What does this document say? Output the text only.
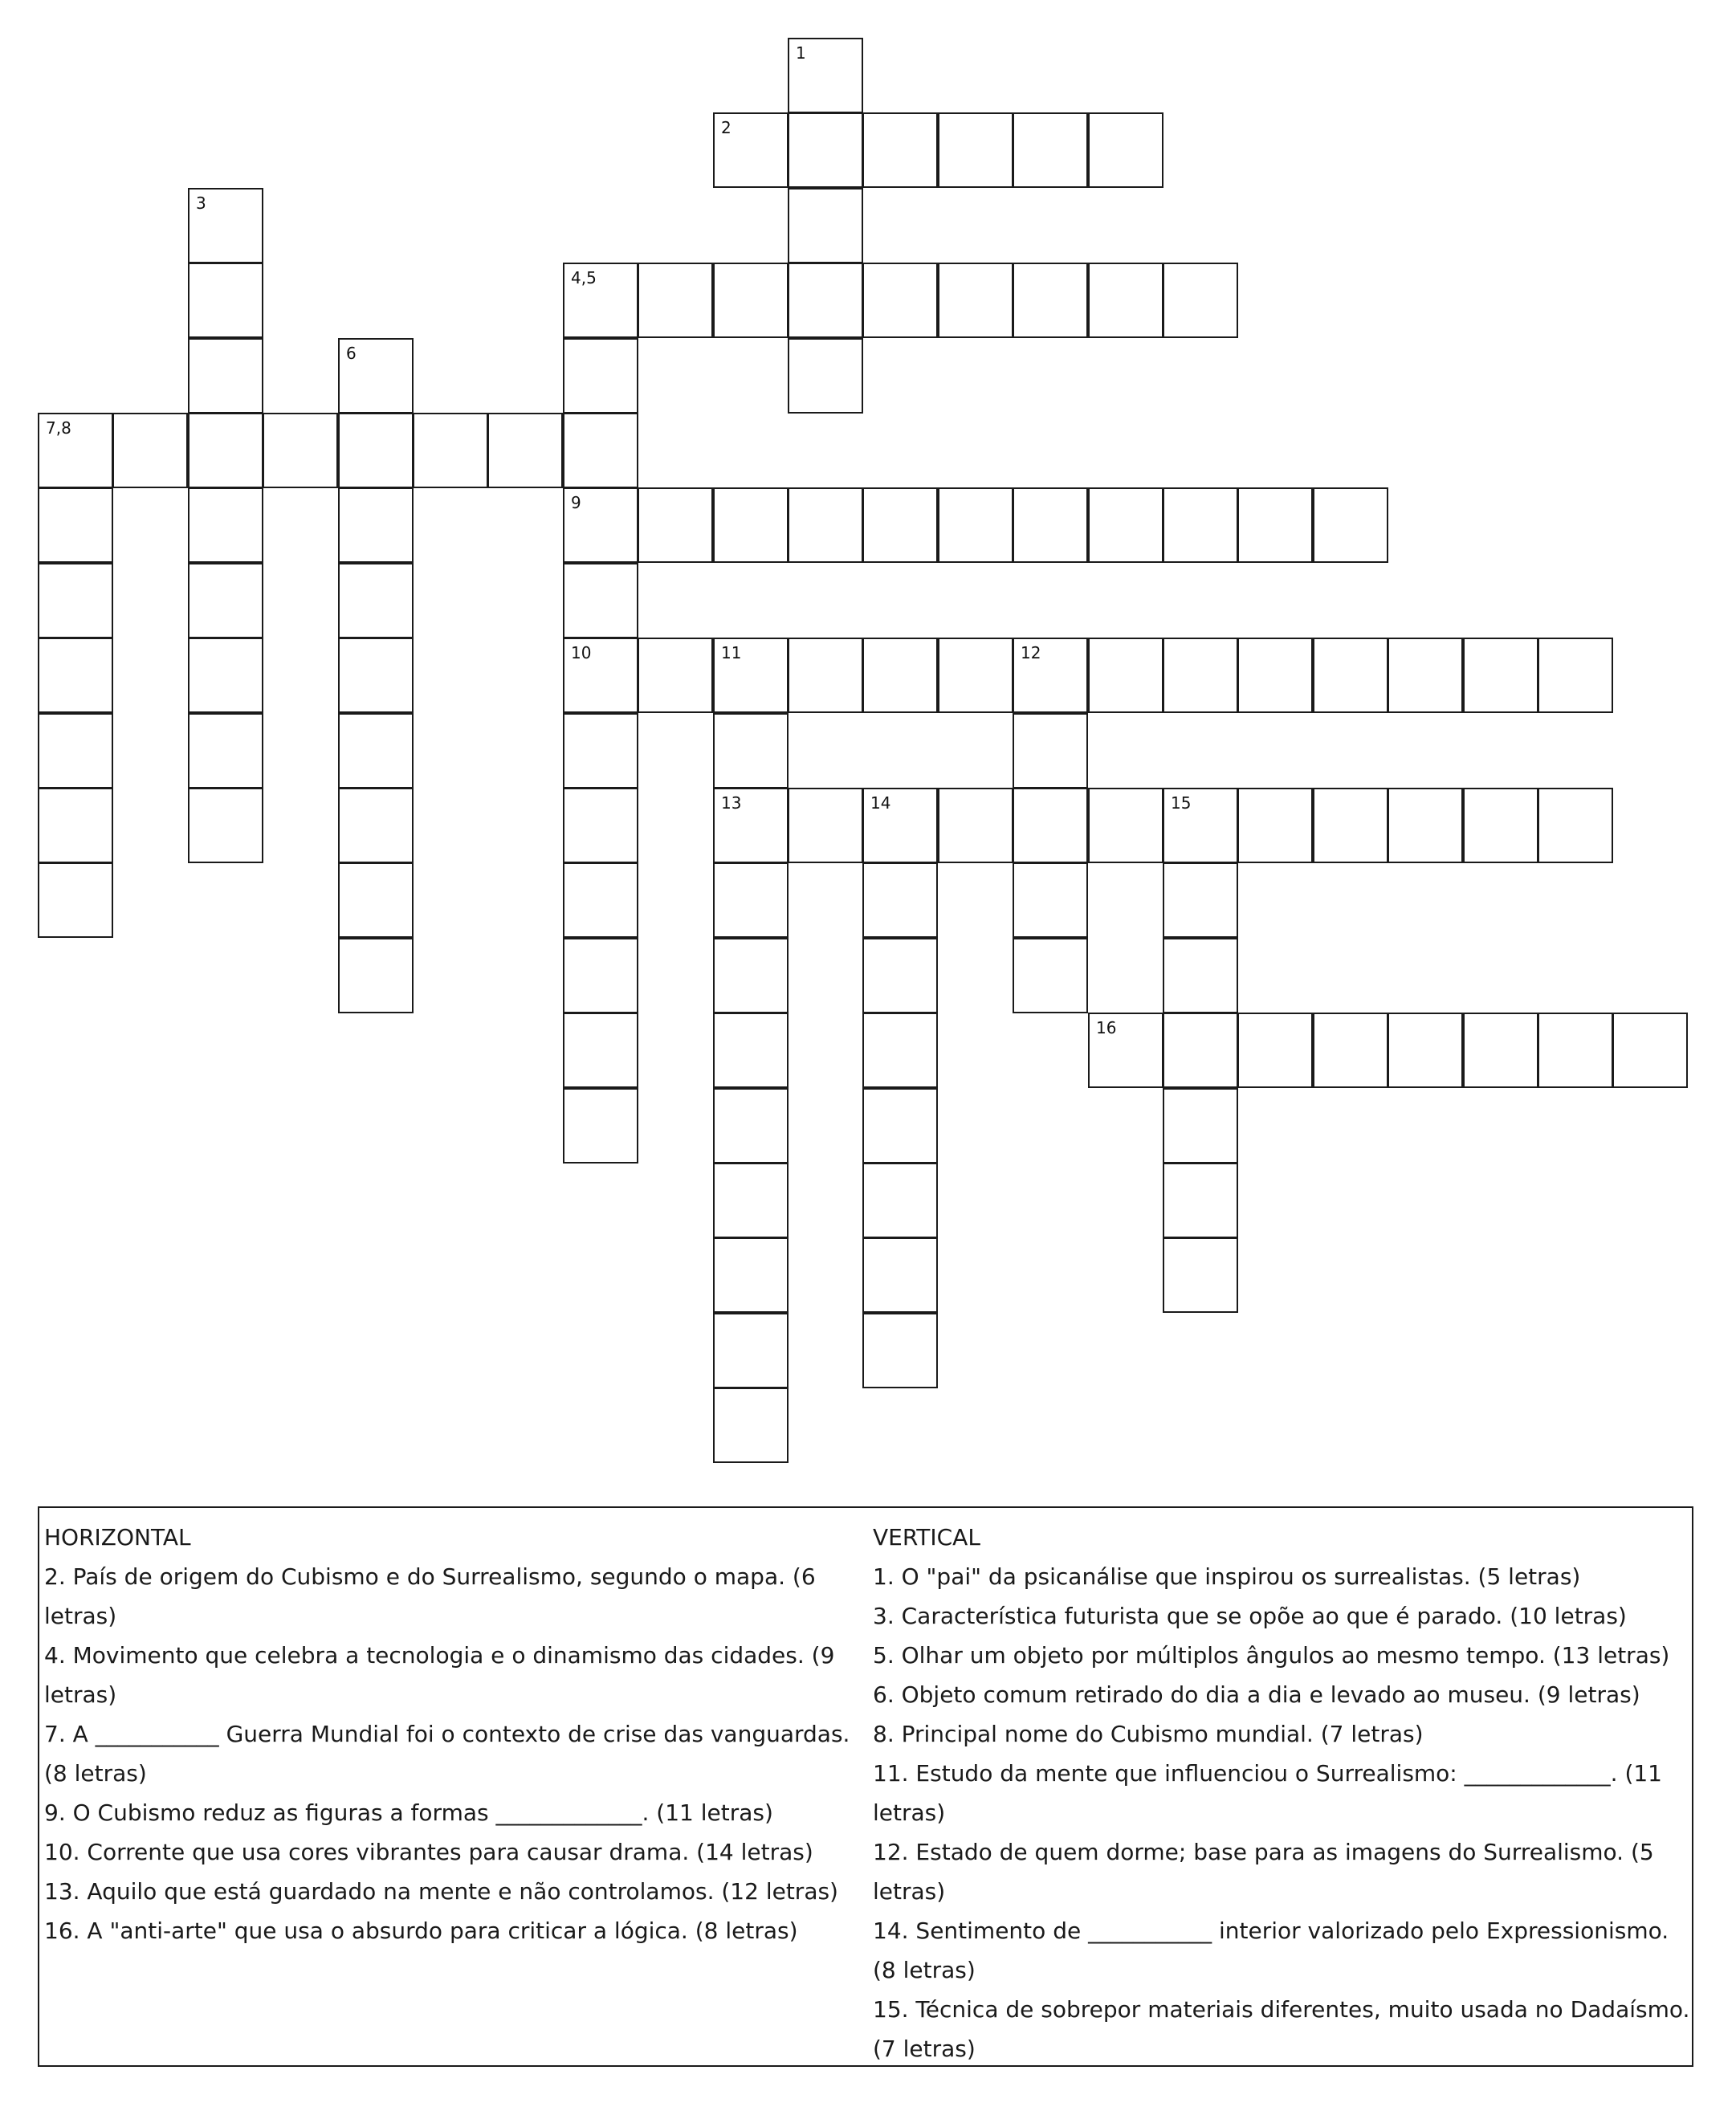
1
2
3
4,5
6
7,8
9
10	11	12
13	14	15
16
HORIZONTAL
2. País de origem do Cubismo e do Surrealismo, segundo o mapa. (6 letras)
4. Movimento que celebra a tecnologia e o dinamismo das cidades. (9 letras)
7. A ___________ Guerra Mundial foi o contexto de crise das vanguardas. (8 letras)
9. O Cubismo reduz as figuras a formas _____________. (11 letras)
10. Corrente que usa cores vibrantes para causar drama. (14 letras)
13. Aquilo que está guardado na mente e não controlamos. (12 letras)
16. A "anti-arte" que usa o absurdo para criticar a lógica. (8 letras)
VERTICAL
1. O "pai" da psicanálise que inspirou os surrealistas. (5 letras)
3. Característica futurista que se opõe ao que é parado. (10 letras)
5. Olhar um objeto por múltiplos ângulos ao mesmo tempo. (13 letras)
6. Objeto comum retirado do dia a dia e levado ao museu. (9 letras)
8. Principal nome do Cubismo mundial. (7 letras)
11. Estudo da mente que influenciou o Surrealismo: _____________. (11 letras)
12. Estado de quem dorme; base para as imagens do Surrealismo. (5 letras)
14. Sentimento de ___________ interior valorizado pelo Expressionismo. (8 letras)
15. Técnica de sobrepor materiais diferentes, muito usada no Dadaísmo. (7 letras)
